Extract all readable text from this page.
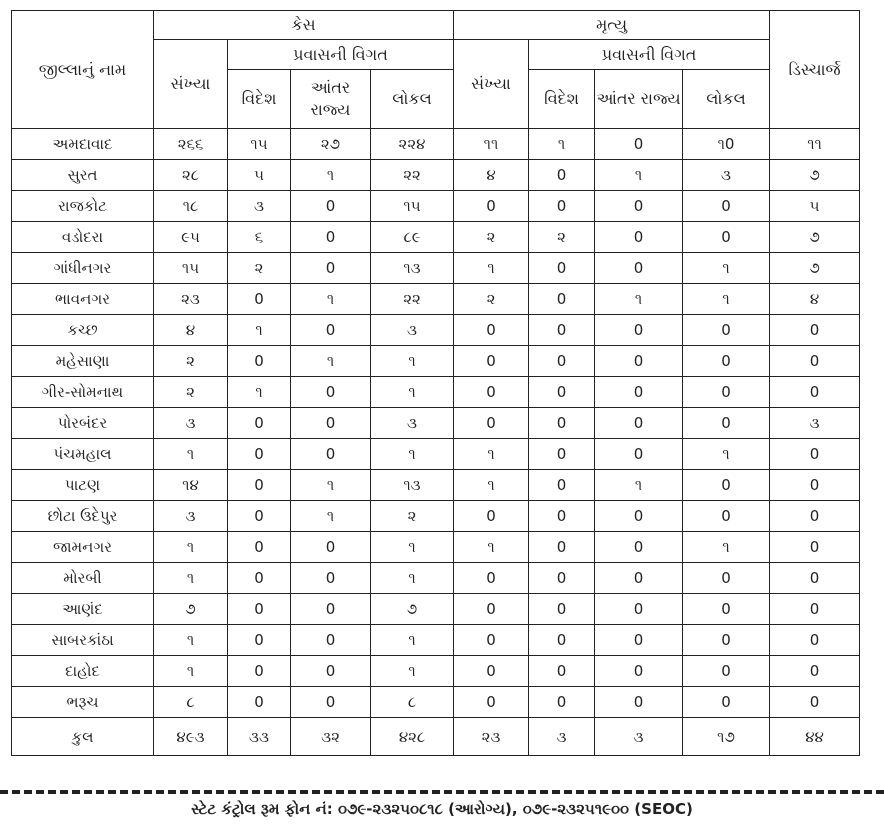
જીલ્લાનું નામ	કેસ				મૃત્યુ				ડિસ્ચાર્જ
	સંખ્યા	પ્રવાસની વિગત			સંખ્યા	પ્રવાસની વિગત			
		વિદેશ	આંતર રાજ્ય	લોકલ		વિદેશ	આંતર રાજ્ય	લોકલ	
અમદાવાદ	૨૬૬	૧૫	૨૭	૨૨૪	૧૧	૧	0	૧0	૧૧
સુરત	૨૮	૫	૧	૨૨	૪	0	૧	૩	૭
રાજકોટ	૧૮	૩	0	૧૫	0	0	0	0	૫
વડોદરા	૯૫	૬	0	૮૯	૨	૨	0	0	૭
ગાંધીનગર	૧૫	૨	0	૧૩	૧	0	0	૧	૭
ભાવનગર	૨૩	0	૧	૨૨	૨	0	૧	૧	૪
કચ્છ	૪	૧	0	૩	0	0	0	0	0
મહેસાણા	૨	0	૧	૧	0	0	0	0	0
ગીર-સોમનાથ	૨	૧	0	૧	0	0	0	0	0
પોરબંદર	૩	0	0	૩	0	0	0	0	૩
પંચમહાલ	૧	0	0	૧	૧	0	0	૧	0
પાટણ	૧૪	0	૧	૧૩	૧	0	૧	0	0
છોટા ઉદેપુર	૩	0	૧	૨	0	0	0	0	0
જામનગર	૧	0	0	૧	૧	0	0	૧	0
મોરબી	૧	0	0	૧	0	0	0	0	0
આણંદ	૭	0	0	૭	0	0	0	0	0
સાબરકાંઠા	૧	0	0	૧	0	0	0	0	0
દાહોદ	૧	0	0	૧	0	0	0	0	0
ભરૂચ	૮	0	0	૮	0	0	0	0	0
કુલ	૪૯૩	૩૩	૩૨	૪૨૮	૨૩	૩	૩	૧૭	૪૪
સ્ટેટ કંટ્રોલ રૂમ ફોન નં: ૦૭૯-૨૩૨૫૦૮૧૮ (આરોગ્ય), ૦૭૯-૨૩૨૫૧૯૦૦ (SEOC)
